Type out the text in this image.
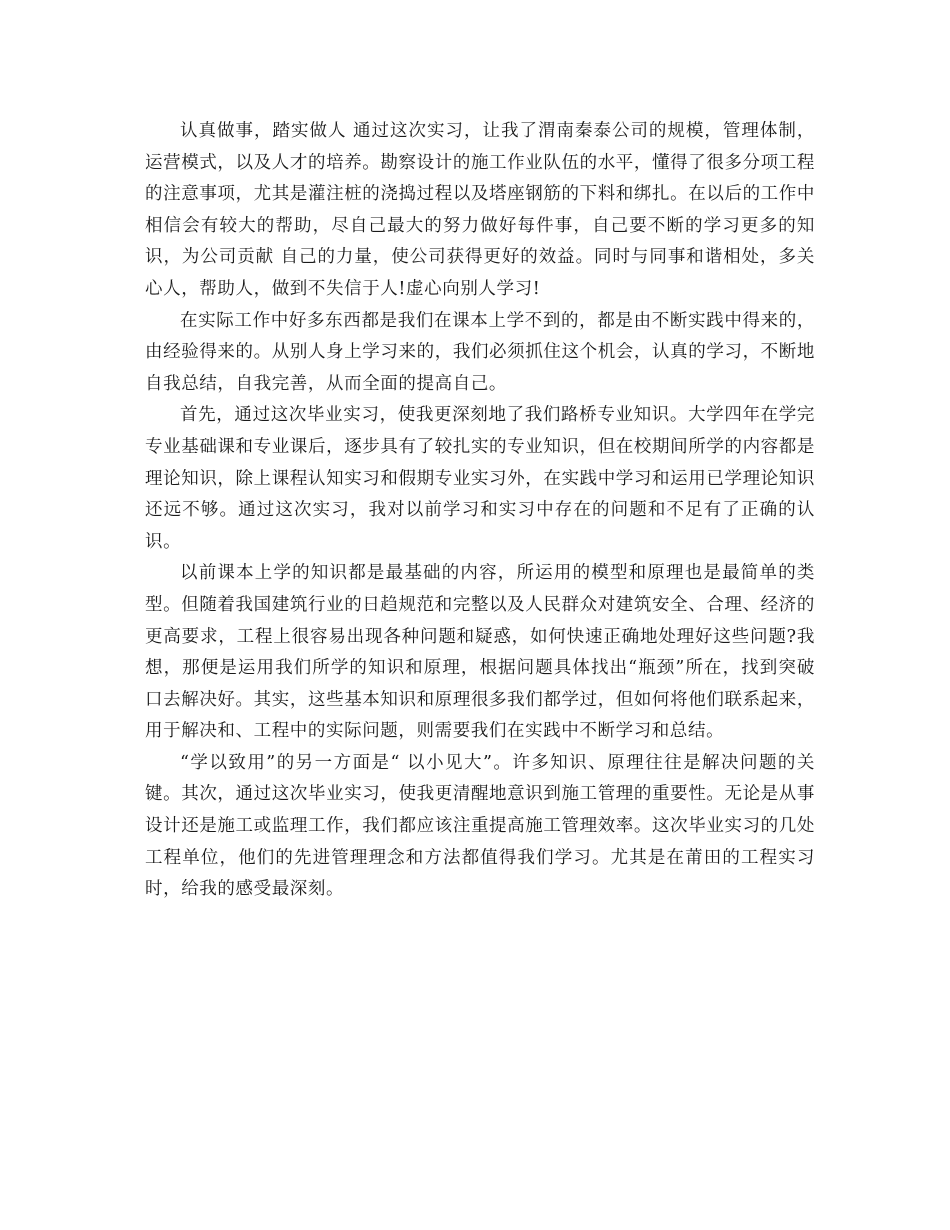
认真做事，踏实做人 通过这次实习，让我了渭南秦泰公司的规模，管理体制，运营模式，以及人才的培养。勘察设计的施工作业队伍的水平，懂得了很多分项工程的注意事项，尤其是灌注桩的浇捣过程以及塔座钢筋的下料和绑扎。在以后的工作中相信会有较大的帮助，尽自己最大的努力做好每件事，自己要不断的学习更多的知识，为公司贡献 自己的力量，使公司获得更好的效益。同时与同事和谐相处，多关心人，帮助人，做到不失信于人!虚心向别人学习!

在实际工作中好多东西都是我们在课本上学不到的，都是由不断实践中得来的，由经验得来的。从别人身上学习来的，我们必须抓住这个机会，认真的学习，不断地自我总结，自我完善，从而全面的提高自己。

首先，通过这次毕业实习，使我更深刻地了我们路桥专业知识。大学四年在学完专业基础课和专业课后，逐步具有了较扎实的专业知识，但在校期间所学的内容都是理论知识，除上课程认知实习和假期专业实习外，在实践中学习和运用已学理论知识还远不够。通过这次实习，我对以前学习和实习中存在的问题和不足有了正确的认识。

以前课本上学的知识都是最基础的内容，所运用的模型和原理也是最简单的类型。但随着我国建筑行业的日趋规范和完整以及人民群众对建筑安全、合理、经济的更高要求，工程上很容易出现各种问题和疑惑，如何快速正确地处理好这些问题?我想，那便是运用我们所学的知识和原理，根据问题具体找出“瓶颈”所在，找到突破口去解决好。其实，这些基本知识和原理很多我们都学过，但如何将他们联系起来，用于解决和、工程中的实际问题，则需要我们在实践中不断学习和总结。

“学以致用”的另一方面是“ 以小见大”。许多知识、原理往往是解决问题的关键。其次，通过这次毕业实习，使我更清醒地意识到施工管理的重要性。无论是从事设计还是施工或监理工作，我们都应该注重提高施工管理效率。这次毕业实习的几处工程单位，他们的先进管理理念和方法都值得我们学习。尤其是在莆田的工程实习时，给我的感受最深刻。
